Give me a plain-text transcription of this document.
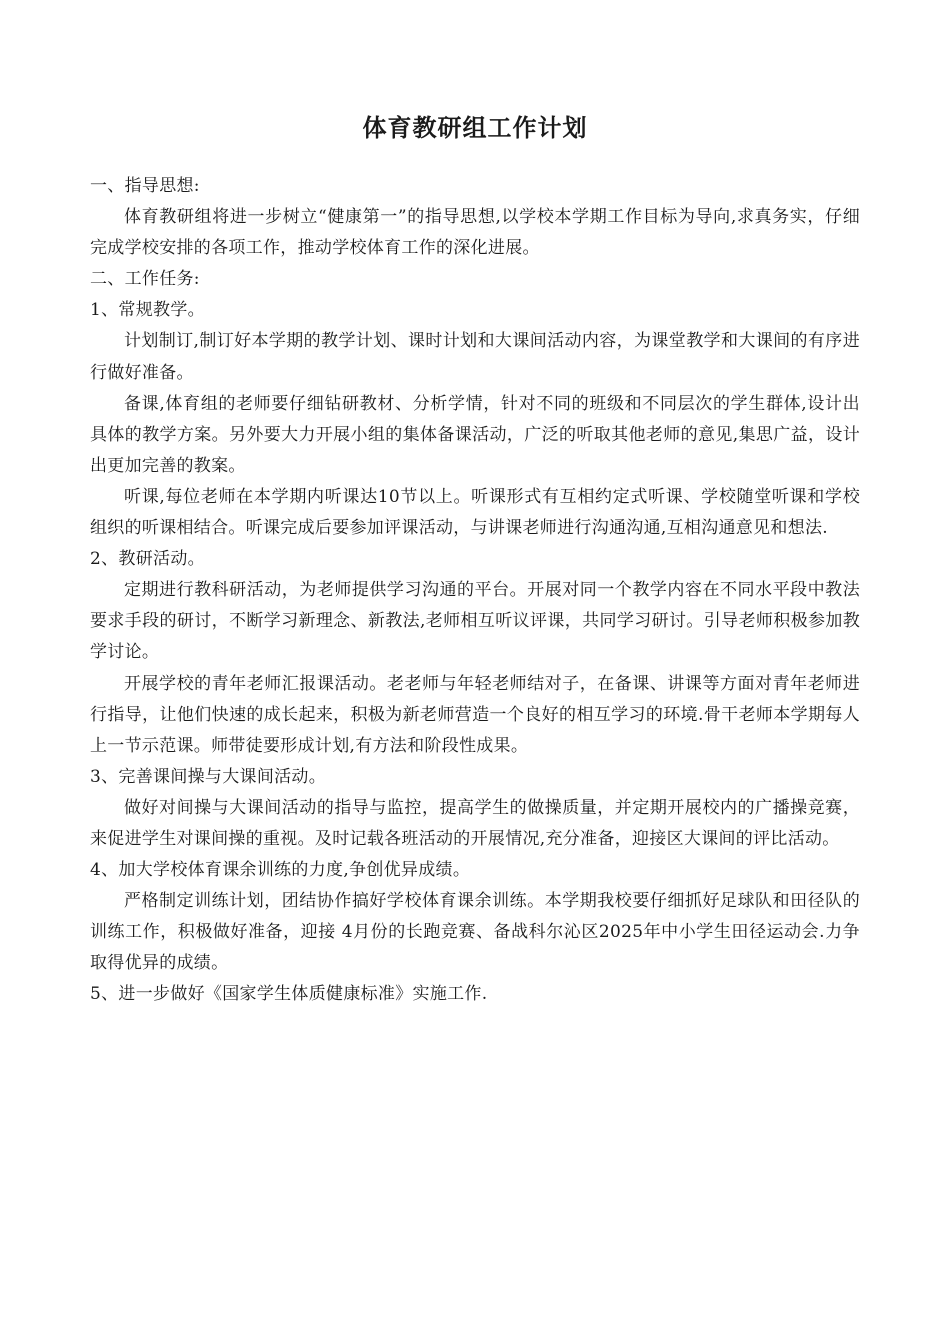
体育教研组工作计划

一、指导思想:

体育教研组将进一步树立“健康第一”的指导思想,以学校本学期工作目标为导向,求真务实，仔细完成学校安排的各项工作，推动学校体育工作的深化进展。

二、工作任务:

1、常规教学。

计划制订,制订好本学期的教学计划、课时计划和大课间活动内容，为课堂教学和大课间的有序进行做好准备。

备课,体育组的老师要仔细钻研教材、分析学情，针对不同的班级和不同层次的学生群体,设计出具体的教学方案。另外要大力开展小组的集体备课活动，广泛的听取其他老师的意见,集思广益，设计出更加完善的教案。

听课,每位老师在本学期内听课达10节以上。听课形式有互相约定式听课、学校随堂听课和学校组织的听课相结合。听课完成后要参加评课活动，与讲课老师进行沟通沟通,互相沟通意见和想法.

2、教研活动。

定期进行教科研活动，为老师提供学习沟通的平台。开展对同一个教学内容在不同水平段中教法要求手段的研讨，不断学习新理念、新教法,老师相互听议评课，共同学习研讨。引导老师积极参加教学讨论。

开展学校的青年老师汇报课活动。老老师与年轻老师结对子，在备课、讲课等方面对青年老师进行指导，让他们快速的成长起来，积极为新老师营造一个良好的相互学习的环境.骨干老师本学期每人上一节示范课。师带徒要形成计划,有方法和阶段性成果。

3、完善课间操与大课间活动。

做好对间操与大课间活动的指导与监控，提高学生的做操质量，并定期开展校内的广播操竞赛，来促进学生对课间操的重视。及时记载各班活动的开展情况,充分准备，迎接区大课间的评比活动。

4、加大学校体育课余训练的力度,争创优异成绩。

严格制定训练计划，团结协作搞好学校体育课余训练。本学期我校要仔细抓好足球队和田径队的训练工作，积极做好准备，迎接 4月份的长跑竞赛、备战科尔沁区2025年中小学生田径运动会.力争取得优异的成绩。

5、进一步做好《国家学生体质健康标准》实施工作.
